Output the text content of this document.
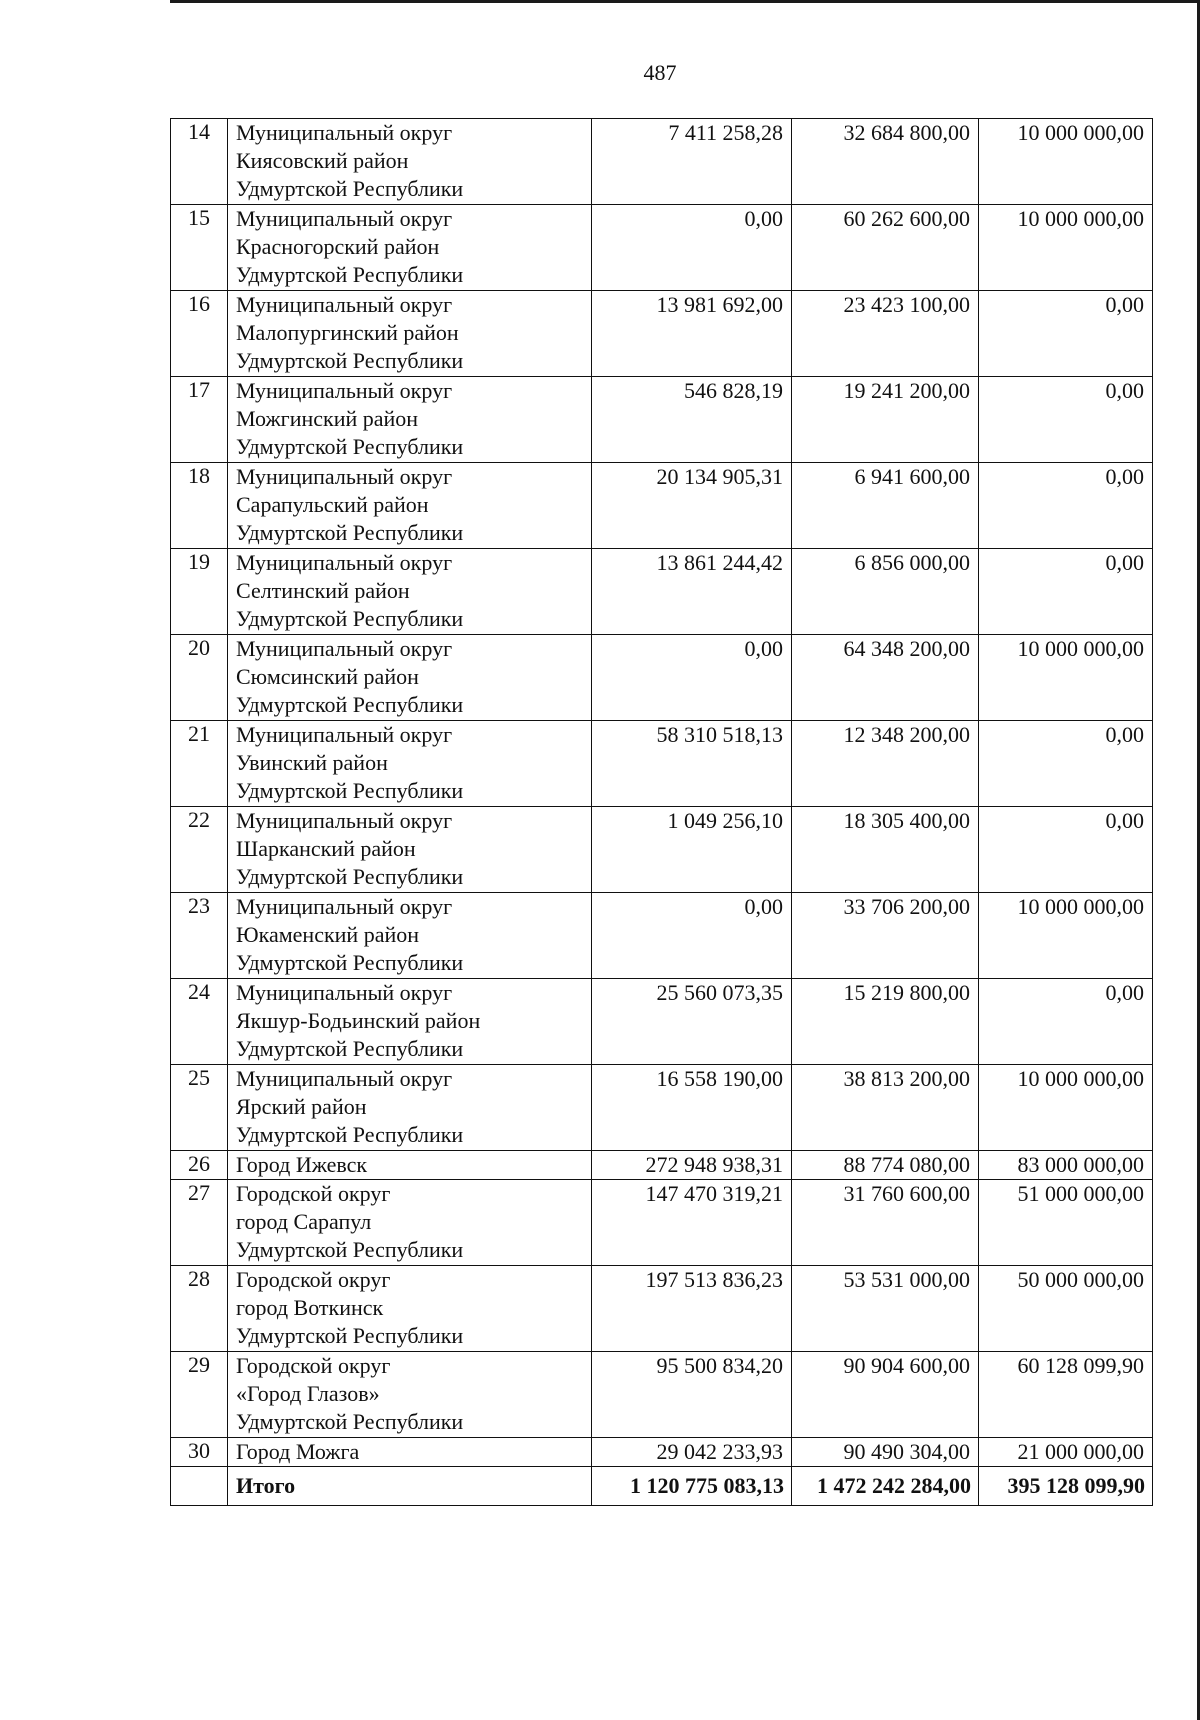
487
14	Муниципальный округ
Киясовский район
Удмуртской Республики	7 411 258,28	32 684 800,00	10 000 000,00
15	Муниципальный округ
Красногорский район
Удмуртской Республики	0,00	60 262 600,00	10 000 000,00
16	Муниципальный округ
Малопургинский район
Удмуртской Республики	13 981 692,00	23 423 100,00	0,00
17	Муниципальный округ
Можгинский район
Удмуртской Республики	546 828,19	19 241 200,00	0,00
18	Муниципальный округ
Сарапульский район
Удмуртской Республики	20 134 905,31	6 941 600,00	0,00
19	Муниципальный округ
Селтинский район
Удмуртской Республики	13 861 244,42	6 856 000,00	0,00
20	Муниципальный округ
Сюмсинский район
Удмуртской Республики	0,00	64 348 200,00	10 000 000,00
21	Муниципальный округ
Увинский район
Удмуртской Республики	58 310 518,13	12 348 200,00	0,00
22	Муниципальный округ
Шарканский район
Удмуртской Республики	1 049 256,10	18 305 400,00	0,00
23	Муниципальный округ
Юкаменский район
Удмуртской Республики	0,00	33 706 200,00	10 000 000,00
24	Муниципальный округ
Якшур-Бодьинский район
Удмуртской Республики	25 560 073,35	15 219 800,00	0,00
25	Муниципальный округ
Ярский район
Удмуртской Республики	16 558 190,00	38 813 200,00	10 000 000,00
26	Город Ижевск	272 948 938,31	88 774 080,00	83 000 000,00
27	Городской округ
город Сарапул
Удмуртской Республики	147 470 319,21	31 760 600,00	51 000 000,00
28	Городской округ
город Воткинск
Удмуртской Республики	197 513 836,23	53 531 000,00	50 000 000,00
29	Городской округ
«Город Глазов»
Удмуртской Республики	95 500 834,20	90 904 600,00	60 128 099,90
30	Город Можга	29 042 233,93	90 490 304,00	21 000 000,00
	Итого	1 120 775 083,13	1 472 242 284,00	395 128 099,90
